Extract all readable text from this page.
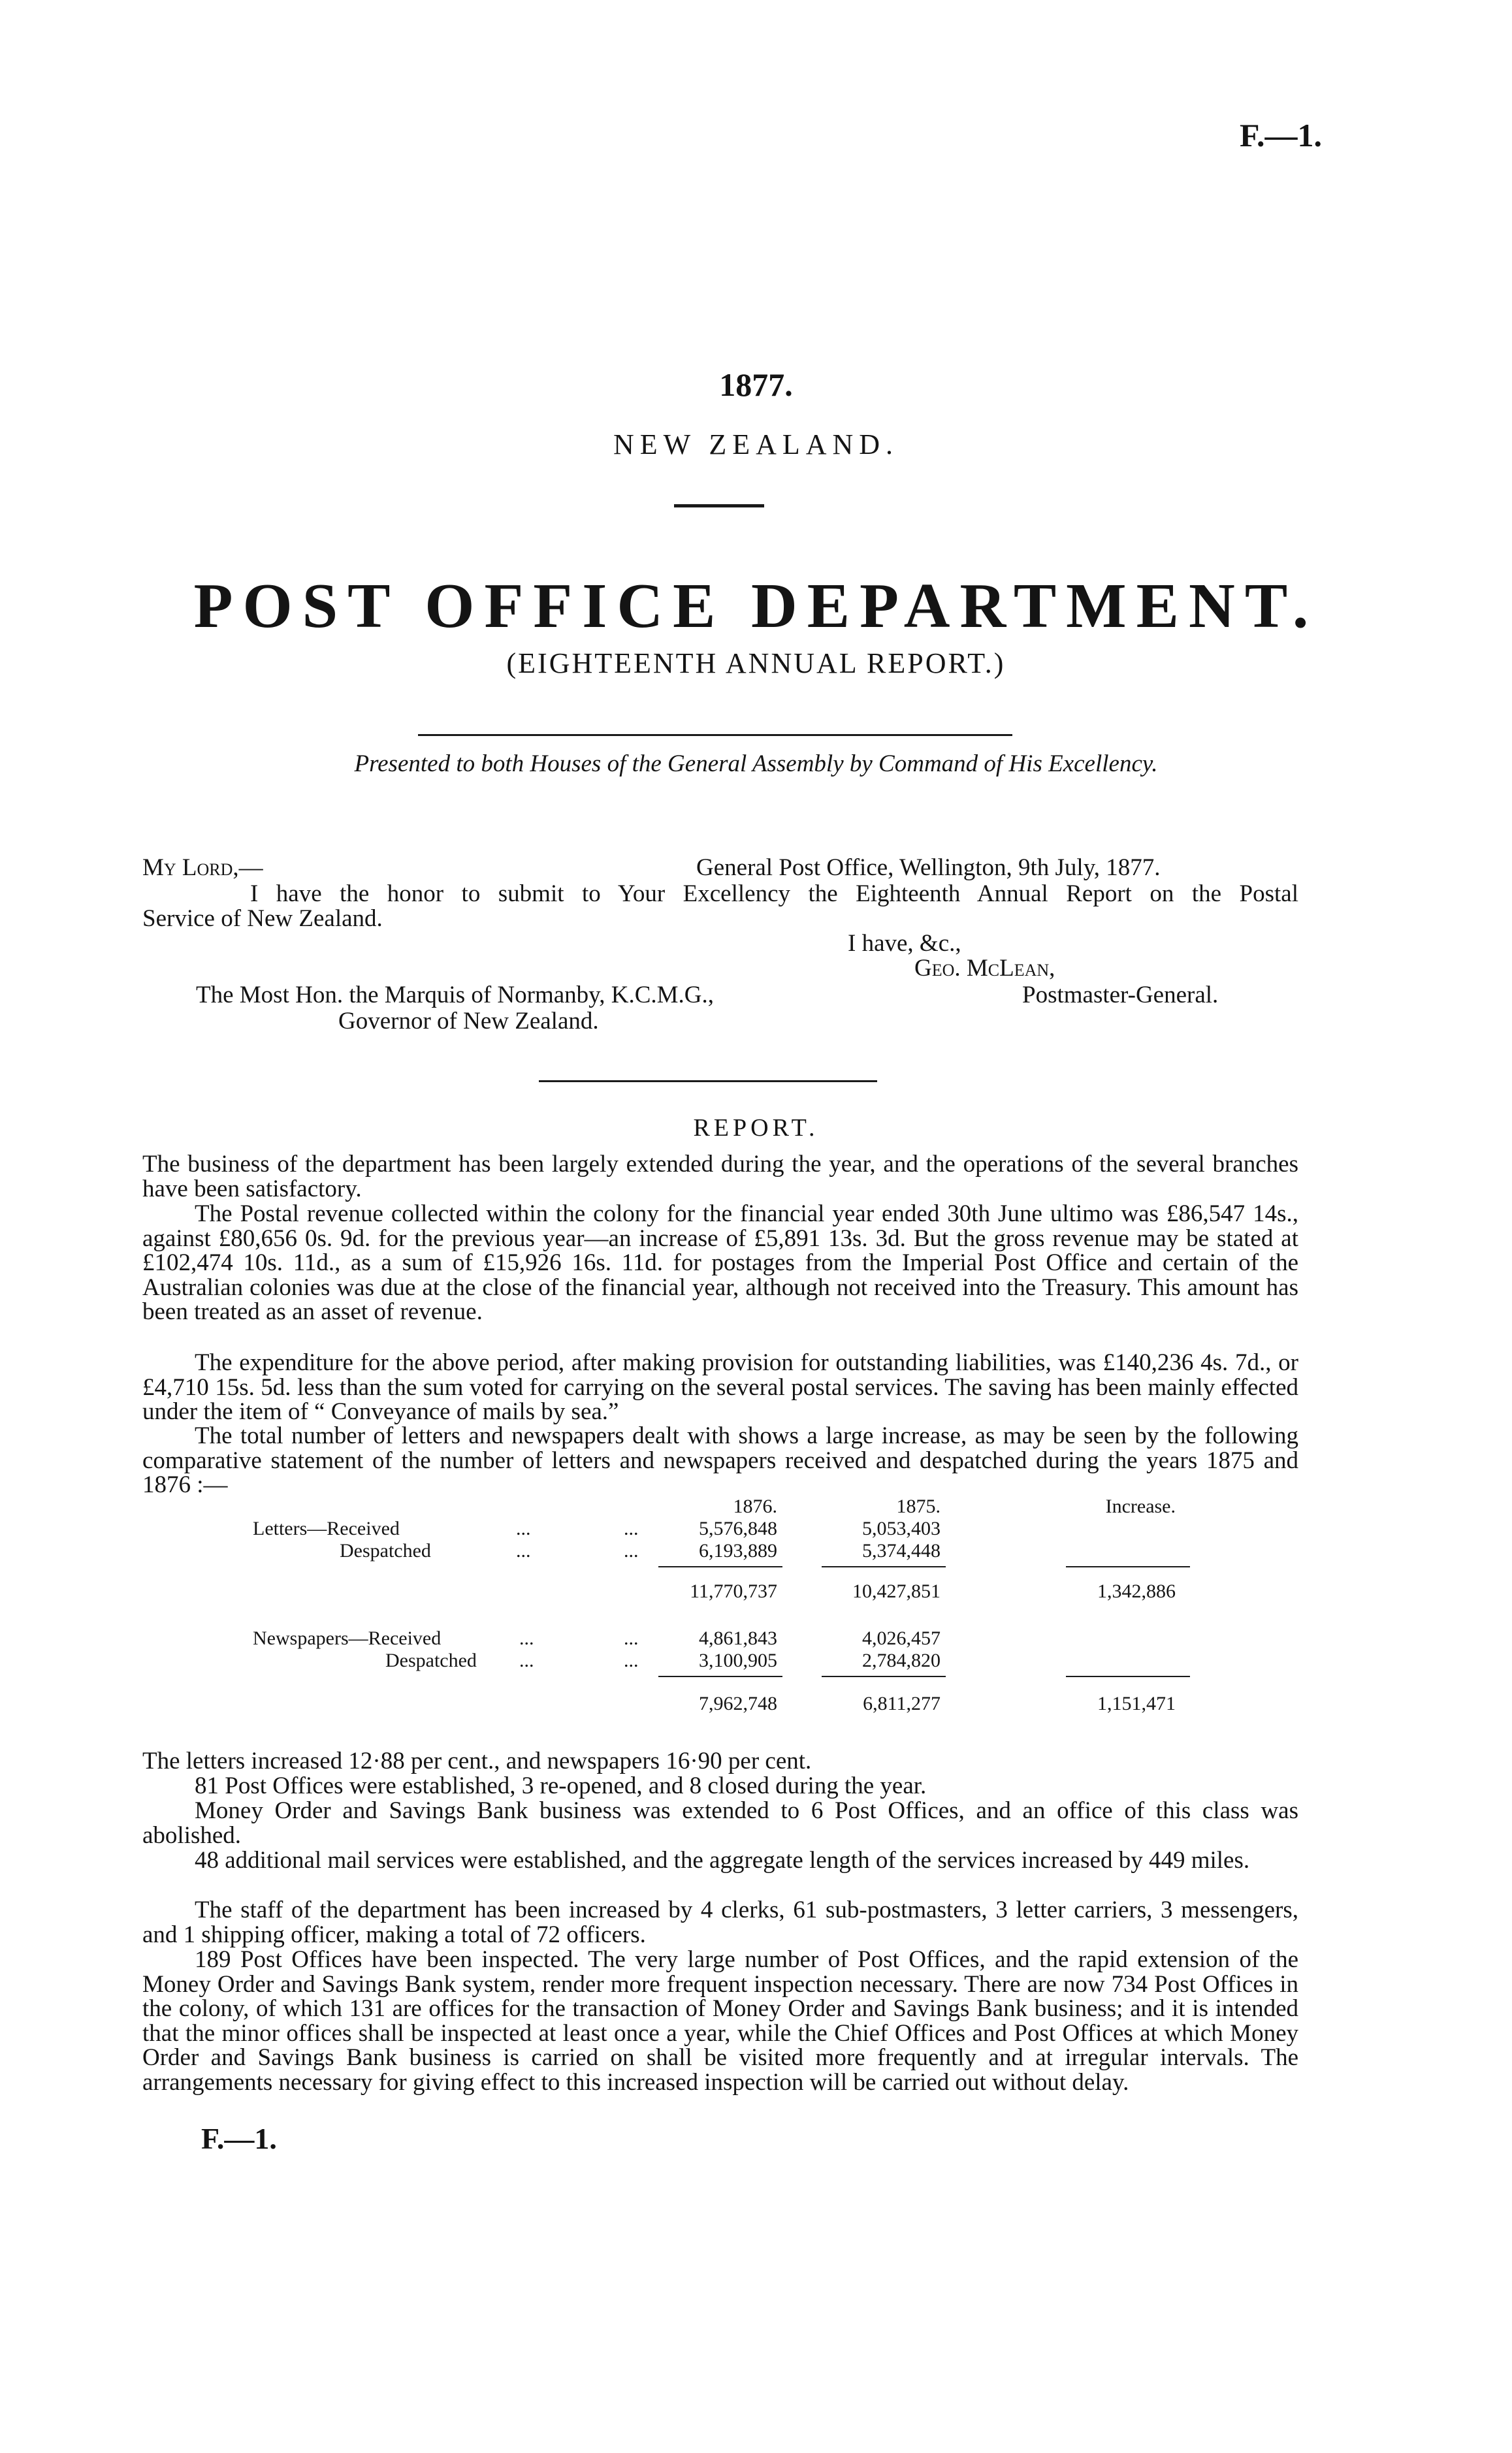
F.—1.
1877.
NEW ZEALAND.
POST OFFICE DEPARTMENT.
(EIGHTEENTH ANNUAL REPORT.)
Presented to both Houses of the General Assembly by Command of His Excellency.
My Lord,—	General Post Office, Wellington, 9th July, 1877.
I have the honor to submit to Your Excellency the Eighteenth Annual Report on the Postal
Service of New Zealand.
I have, &c.,
Geo. McLean,
The Most Hon. the Marquis of Normanby, K.C.M.G.,	Postmaster-General.
Governor of New Zealand.
REPORT.
The business of the department has been largely extended during the year, and the operations of the several branches have been satisfactory.
The Postal revenue collected within the colony for the financial year ended 30th June ultimo was £86,547 14s., against £80,656 0s. 9d. for the previous year—an increase of £5,891 13s. 3d. But the gross revenue may be stated at £102,474 10s. 11d., as a sum of £15,926 16s. 11d. for postages from the Imperial Post Office and certain of the Australian colonies was due at the close of the financial year, although not received into the Treasury. This amount has been treated as an asset of revenue.
The expenditure for the above period, after making provision for outstanding liabilities, was £140,236 4s. 7d., or £4,710 15s. 5d. less than the sum voted for carrying on the several postal services. The saving has been mainly effected under the item of “ Conveyance of mails by sea.”
The total number of letters and newspapers dealt with shows a large increase, as may be seen by the following comparative statement of the number of letters and newspapers received and despatched during the years 1875 and 1876 :—
1876.	1875.	Increase.
Letters—Received	...	...	5,576,848	5,053,403
Despatched	...	...	6,193,889	5,374,448
11,770,737	10,427,851	1,342,886
Newspapers—Received	...	...	4,861,843	4,026,457
Despatched ...	...	3,100,905	2,784,820
7,962,748	6,811,277	1,151,471
The letters increased 12·88 per cent., and newspapers 16·90 per cent.
81 Post Offices were established, 3 re-opened, and 8 closed during the year.
Money Order and Savings Bank business was extended to 6 Post Offices, and an office of this class was abolished.
48 additional mail services were established, and the aggregate length of the services increased by 449 miles.
The staff of the department has been increased by 4 clerks, 61 sub-postmasters, 3 letter carriers, 3 messengers, and 1 shipping officer, making a total of 72 officers.
189 Post Offices have been inspected. The very large number of Post Offices, and the rapid extension of the Money Order and Savings Bank system, render more frequent inspection necessary. There are now 734 Post Offices in the colony, of which 131 are offices for the transaction of Money Order and Savings Bank business; and it is intended that the minor offices shall be inspected at least once a year, while the Chief Offices and Post Offices at which Money Order and Savings Bank business is carried on shall be visited more frequently and at irregular intervals. The arrangements necessary for giving effect to this increased inspection will be carried out without delay.
F.—1.
